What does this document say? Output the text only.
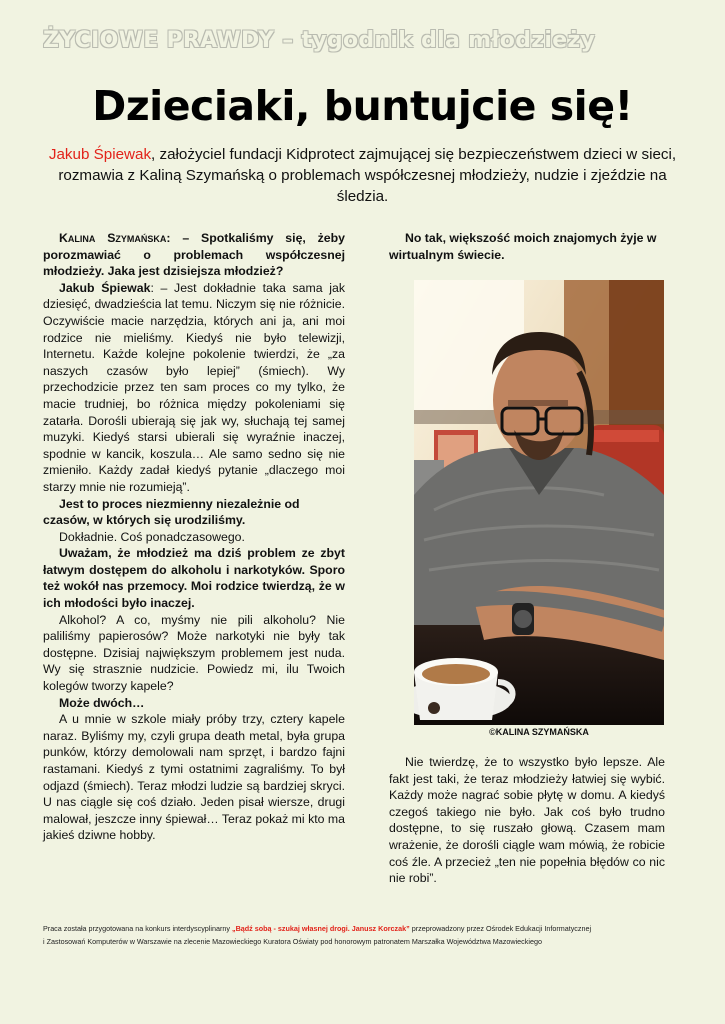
ŻYCIOWE PRAWDY – tygodnik dla młodzieży
Dzieciaki, buntujcie się!
Jakub Śpiewak, założyciel fundacji Kidprotect zajmującej się bezpieczeństwem dzieci w sieci, rozmawia z Kaliną Szymańską o problemach współczesnej młodzieży, nudzie i zjeździe na śledzia.

Kalina Szymańska: – Spotkaliśmy się, żeby porozmawiać o problemach współczesnej młodzieży. Jaka jest dzisiejsza młodzież?

Jakub Śpiewak: – Jest dokładnie taka sama jak dziesięć, dwadzieścia lat temu. Niczym się nie różnicie. Oczywiście macie narzędzia, których ani ja, ani moi rodzice nie mieliśmy. Kiedyś nie było telewizji, Internetu. Każde kolejne pokolenie twierdzi, że „za naszych czasów było lepiej” (śmiech). Wy przechodzicie przez ten sam proces co my tylko, że macie trudniej, bo różnica między pokoleniami się zatarła. Dorośli ubierają się jak wy, słuchają tej samej muzyki. Kiedyś starsi ubierali się wyraźnie inaczej, spodnie w kancik, koszula… Ale samo sedno się nie zmieniło. Każdy zadał kiedyś pytanie „dlaczego moi starzy mnie nie rozumieją”.

Jest to proces niezmienny niezależnie od czasów, w których się urodziliśmy.

Dokładnie. Coś ponadczasowego.

Uważam, że młodzież ma dziś problem ze zbyt łatwym dostępem do alkoholu i narkotyków. Sporo też wokół nas przemocy. Moi rodzice twierdzą, że w ich młodości było inaczej.

Alkohol? A co, myśmy nie pili alkoholu? Nie paliliśmy papierosów? Może narkotyki nie były tak dostępne. Dzisiaj największym problemem jest nuda. Wy się strasznie nudzicie. Powiedz mi, ilu Twoich kolegów tworzy kapele?

Może dwóch…

A u mnie w szkole miały próby trzy, cztery kapele naraz. Byliśmy my, czyli grupa death metal, była grupa punków, którzy demolowali nam sprzęt, i bardzo fajni rastamani. Kiedyś z tymi ostatnimi zagraliśmy. To był odjazd (śmiech). Teraz młodzi ludzie są bardziej skryci. U nas ciągle się coś działo. Jeden pisał wiersze, drugi malował, jeszcze inny śpiewał… Teraz pokaż mi kto ma jakieś dziwne hobby.

No tak, większość moich znajomych żyje w wirtualnym świecie.

©KALINA SZYMAŃSKA

Nie twierdzę, że to wszystko było lepsze. Ale fakt jest taki, że teraz młodzieży łatwiej się wybić. Każdy może nagrać sobie płytę w domu. A kiedyś czegoś takiego nie było. Jak coś było trudno dostępne, to się ruszało głową. Czasem mam wrażenie, że dorośli ciągle wam mówią, że robicie coś źle. A przecież „ten nie popełnia błędów co nic nie robi”.

Praca została przygotowana na konkurs interdyscyplinarny „Bądź sobą - szukaj własnej drogi. Janusz Korczak” przeprowadzony przez Ośrodek Edukacji Informatycznej
i Zastosowań Komputerów w Warszawie na zlecenie Mazowieckiego Kuratora Oświaty pod honorowym patronatem Marszałka Województwa Mazowieckiego
